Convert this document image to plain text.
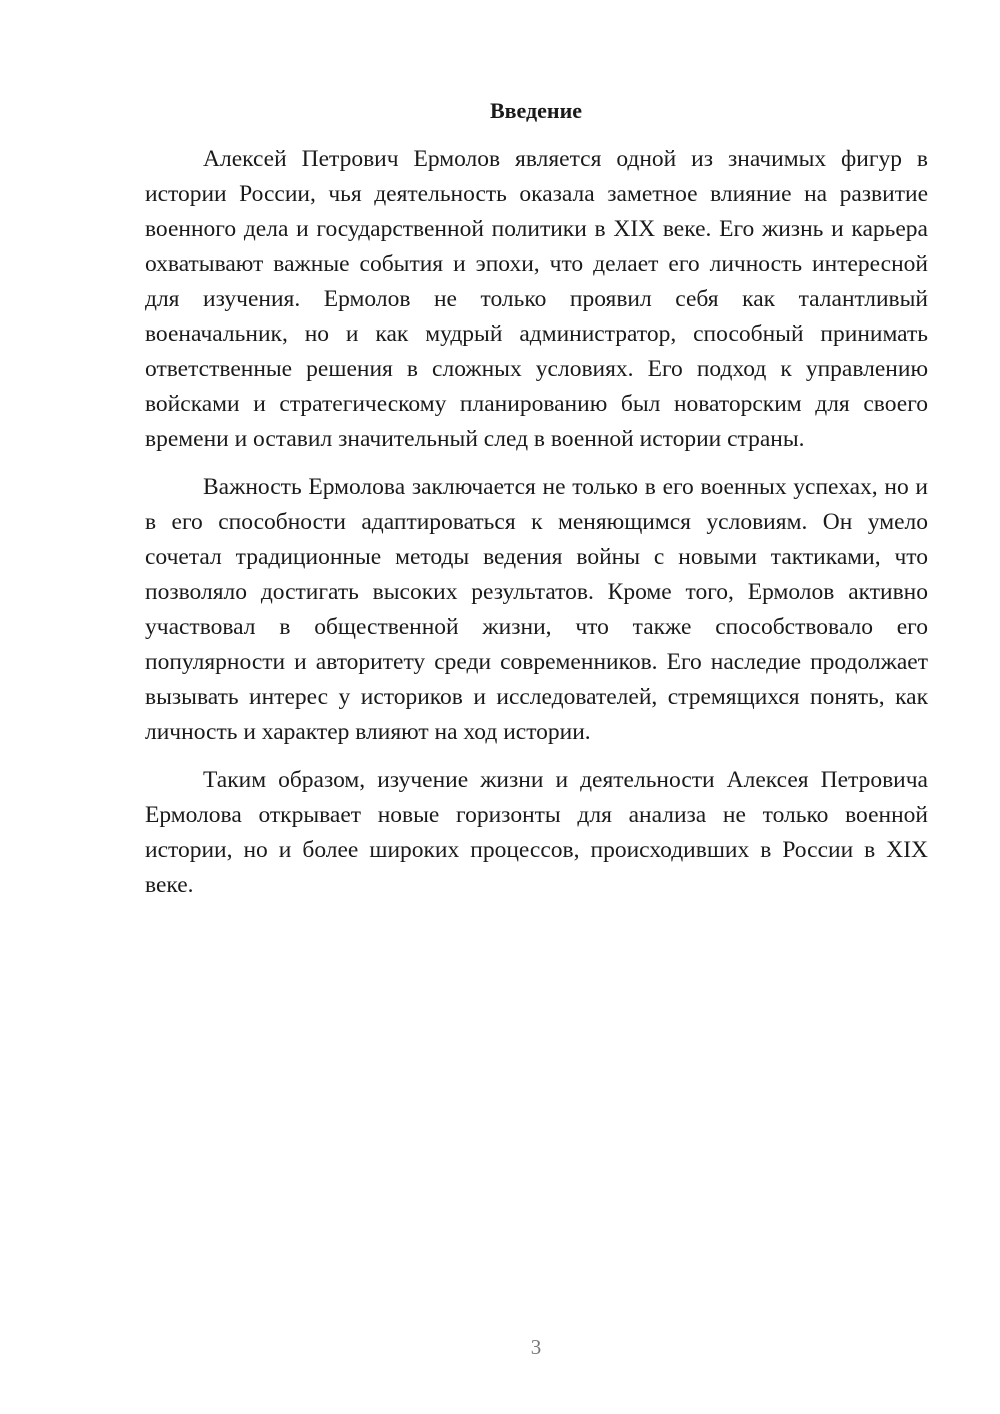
Введение

Алексей Петрович Ермолов является одной из значимых фигур в истории России, чья деятельность оказала заметное влияние на развитие военного дела и государственной политики в XIX веке. Его жизнь и карьера охватывают важные события и эпохи, что делает его личность интересной для изучения. Ермолов не только проявил себя как талантливый военачальник, но и как мудрый администратор, способный принимать ответственные решения в сложных условиях. Его подход к управлению войсками и стратегическому планированию был новаторским для своего времени и оставил значительный след в военной истории страны.

Важность Ермолова заключается не только в его военных успехах, но и в его способности адаптироваться к меняющимся условиям. Он умело сочетал традиционные методы ведения войны с новыми тактиками, что позволяло достигать высоких результатов. Кроме того, Ермолов активно участвовал в общественной жизни, что также способствовало его популярности и авторитету среди современников. Его наследие продолжает вызывать интерес у историков и исследователей, стремящихся понять, как личность и характер влияют на ход истории.

Таким образом, изучение жизни и деятельности Алексея Петровича Ермолова открывает новые горизонты для анализа не только военной истории, но и более широких процессов, происходивших в России в XIX веке.

3
